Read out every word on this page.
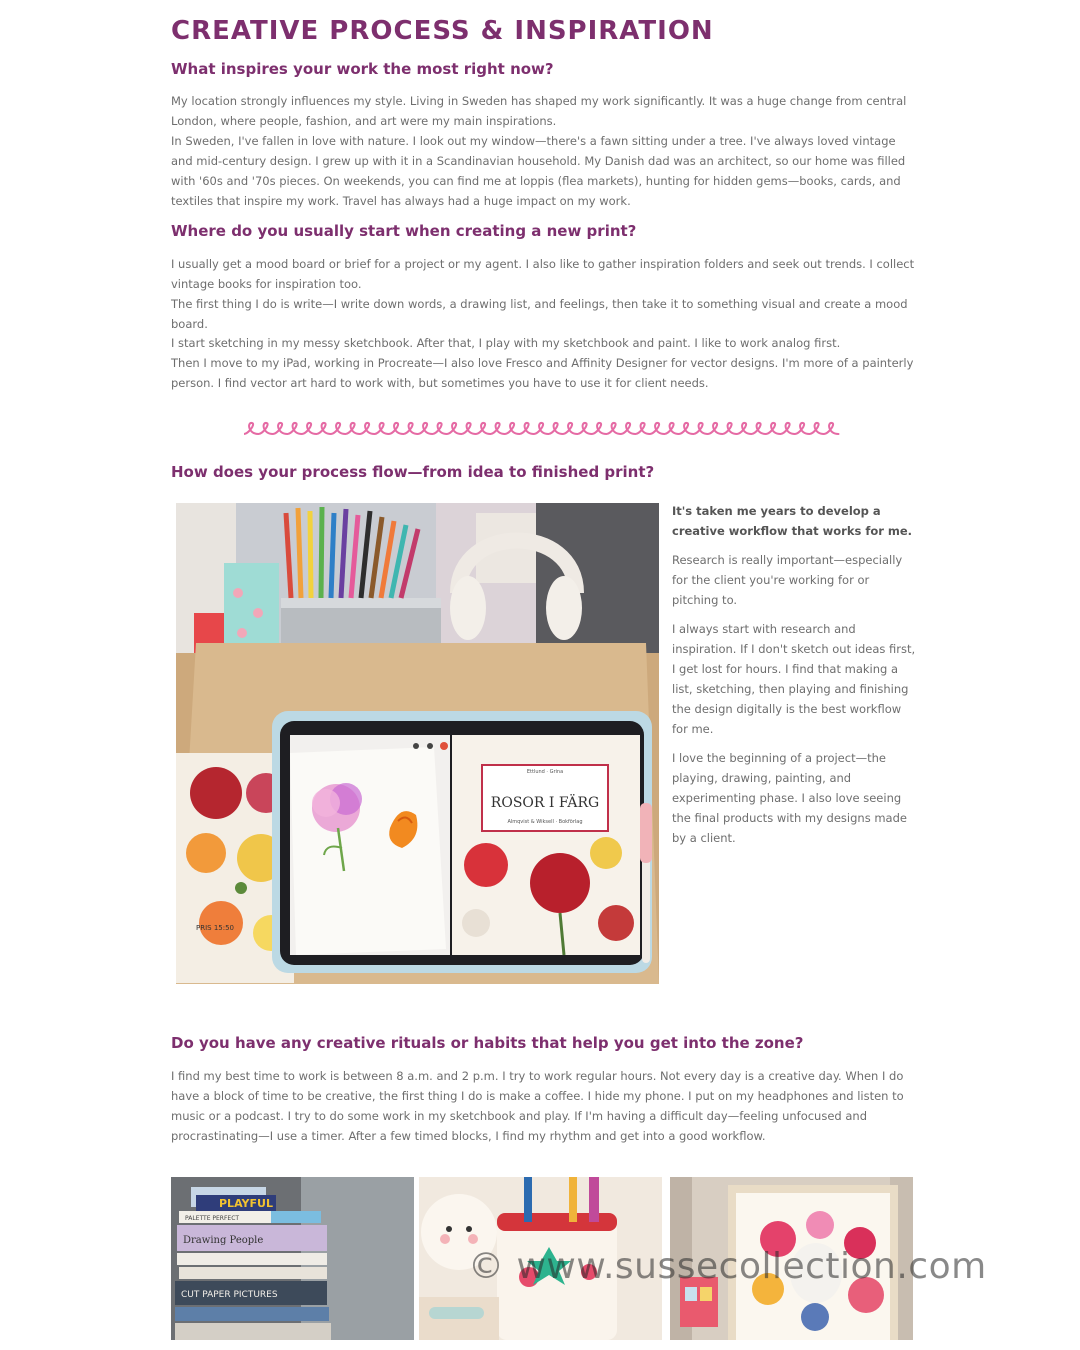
CREATIVE PROCESS & INSPIRATION
What inspires your work the most right now?

My location strongly influences my style. Living in Sweden has shaped my work significantly. It was a huge change from central London, where people, fashion, and art were my main inspirations.

In Sweden, I've fallen in love with nature. I look out my window—there's a fawn sitting under a tree. I've always loved vintage and mid-century design. I grew up with it in a Scandinavian household. My Danish dad was an architect, so our home was filled with '60s and '70s pieces. On weekends, you can find me at loppis (flea markets), hunting for hidden gems—books, cards, and textiles that inspire my work. Travel has always had a huge impact on my work.

Where do you usually start when creating a new print?

I usually get a mood board or brief for a project or my agent. I also like to gather inspiration folders and seek out trends. I collect vintage books for inspiration too.

The first thing I do is write—I write down words, a drawing list, and feelings, then take it to something visual and create a mood board.

I start sketching in my messy sketchbook. After that, I play with my sketchbook and paint. I like to work analog first.

Then I move to my iPad, working in Procreate—I also love Fresco and Affinity Designer for vector designs. I'm more of a painterly person. I find vector art hard to work with, but sometimes you have to use it for client needs.

How does your process flow—from idea to finished print?
PRIS 15:50
Ettlund · Grina
ROSOR I FÄRG
Almqvist & Wiksell · Bokförlag

It's taken me years to develop a creative workflow that works for me.

Research is really important—especially for the client you're working for or pitching to.

I always start with research and inspiration. If I don't sketch out ideas first, I get lost for hours. I find that making a list, sketching, then playing and finishing the design digitally is the best workflow for me.

I love the beginning of a project—the playing, drawing, painting, and experimenting phase. I also love seeing the final products with my designs made by a client.

Do you have any creative rituals or habits that help you get into the zone?

I find my best time to work is between 8 a.m. and 2 p.m. I try to work regular hours. Not every day is a creative day. When I do have a block of time to be creative, the first thing I do is make a coffee. I hide my phone. I put on my headphones and listen to music or a podcast. I try to do some work in my sketchbook and play. If I'm having a difficult day—feeling unfocused and procrastinating—I use a timer. After a few timed blocks, I find my rhythm and get into a good workflow.

PLAYFUL
PALETTE PERFECT
Drawing People
CUT PAPER PICTURES
© www.sussecollection.com
